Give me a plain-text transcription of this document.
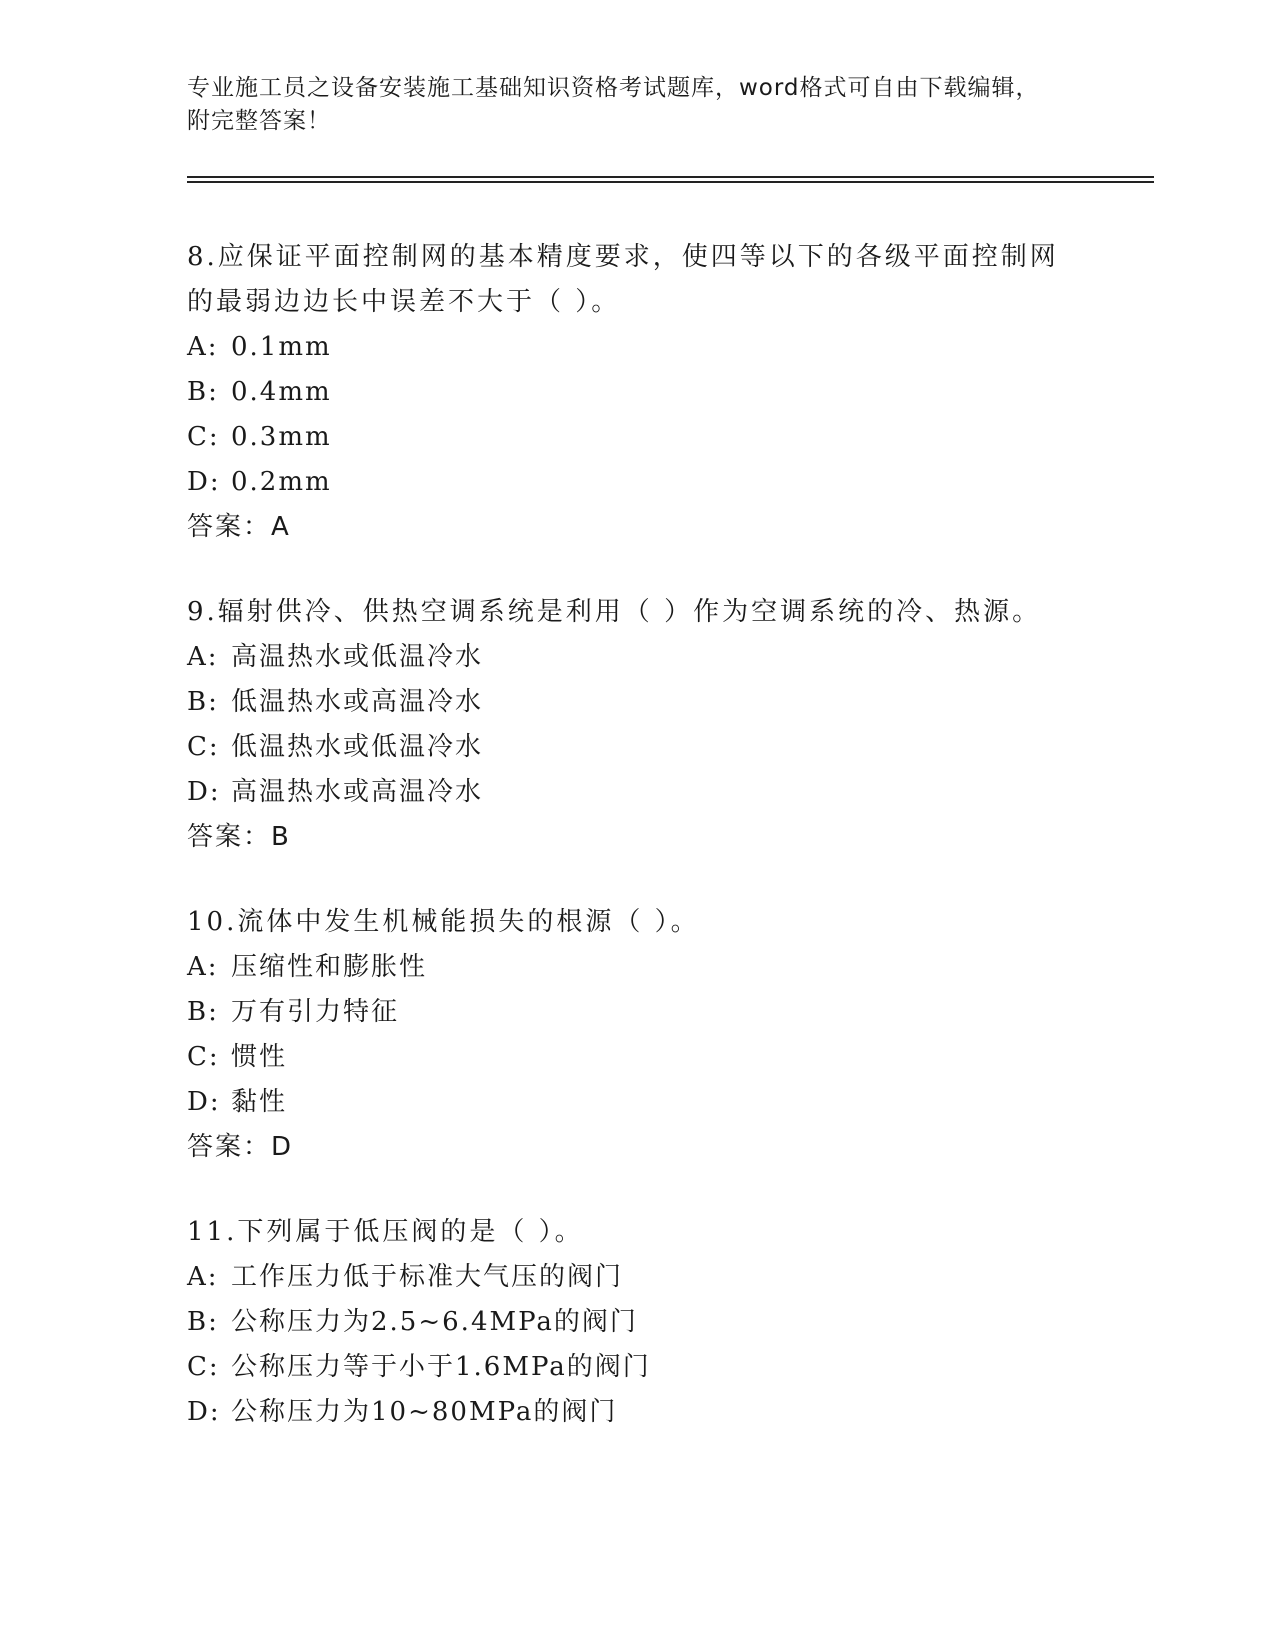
专业施工员之设备安装施工基础知识资格考试题库，word格式可自由下载编辑，
附完整答案！
8.应保证平面控制网的基本精度要求，使四等以下的各级平面控制网
的最弱边边长中误差不大于（ ）。
A: 0.1mm
B: 0.4mm
C: 0.3mm
D: 0.2mm
答案：A
9.辐射供冷、供热空调系统是利用（ ）作为空调系统的冷、热源。
A: 高温热水或低温冷水
B: 低温热水或高温冷水
C: 低温热水或低温冷水
D: 高温热水或高温冷水
答案：B
10.流体中发生机械能损失的根源（ ）。
A: 压缩性和膨胀性
B: 万有引力特征
C: 惯性
D: 黏性
答案：D
11.下列属于低压阀的是（ ）。
A: 工作压力低于标准大气压的阀门
B: 公称压力为2.5~6.4MPa的阀门
C: 公称压力等于小于1.6MPa的阀门
D: 公称压力为10~80MPa的阀门
